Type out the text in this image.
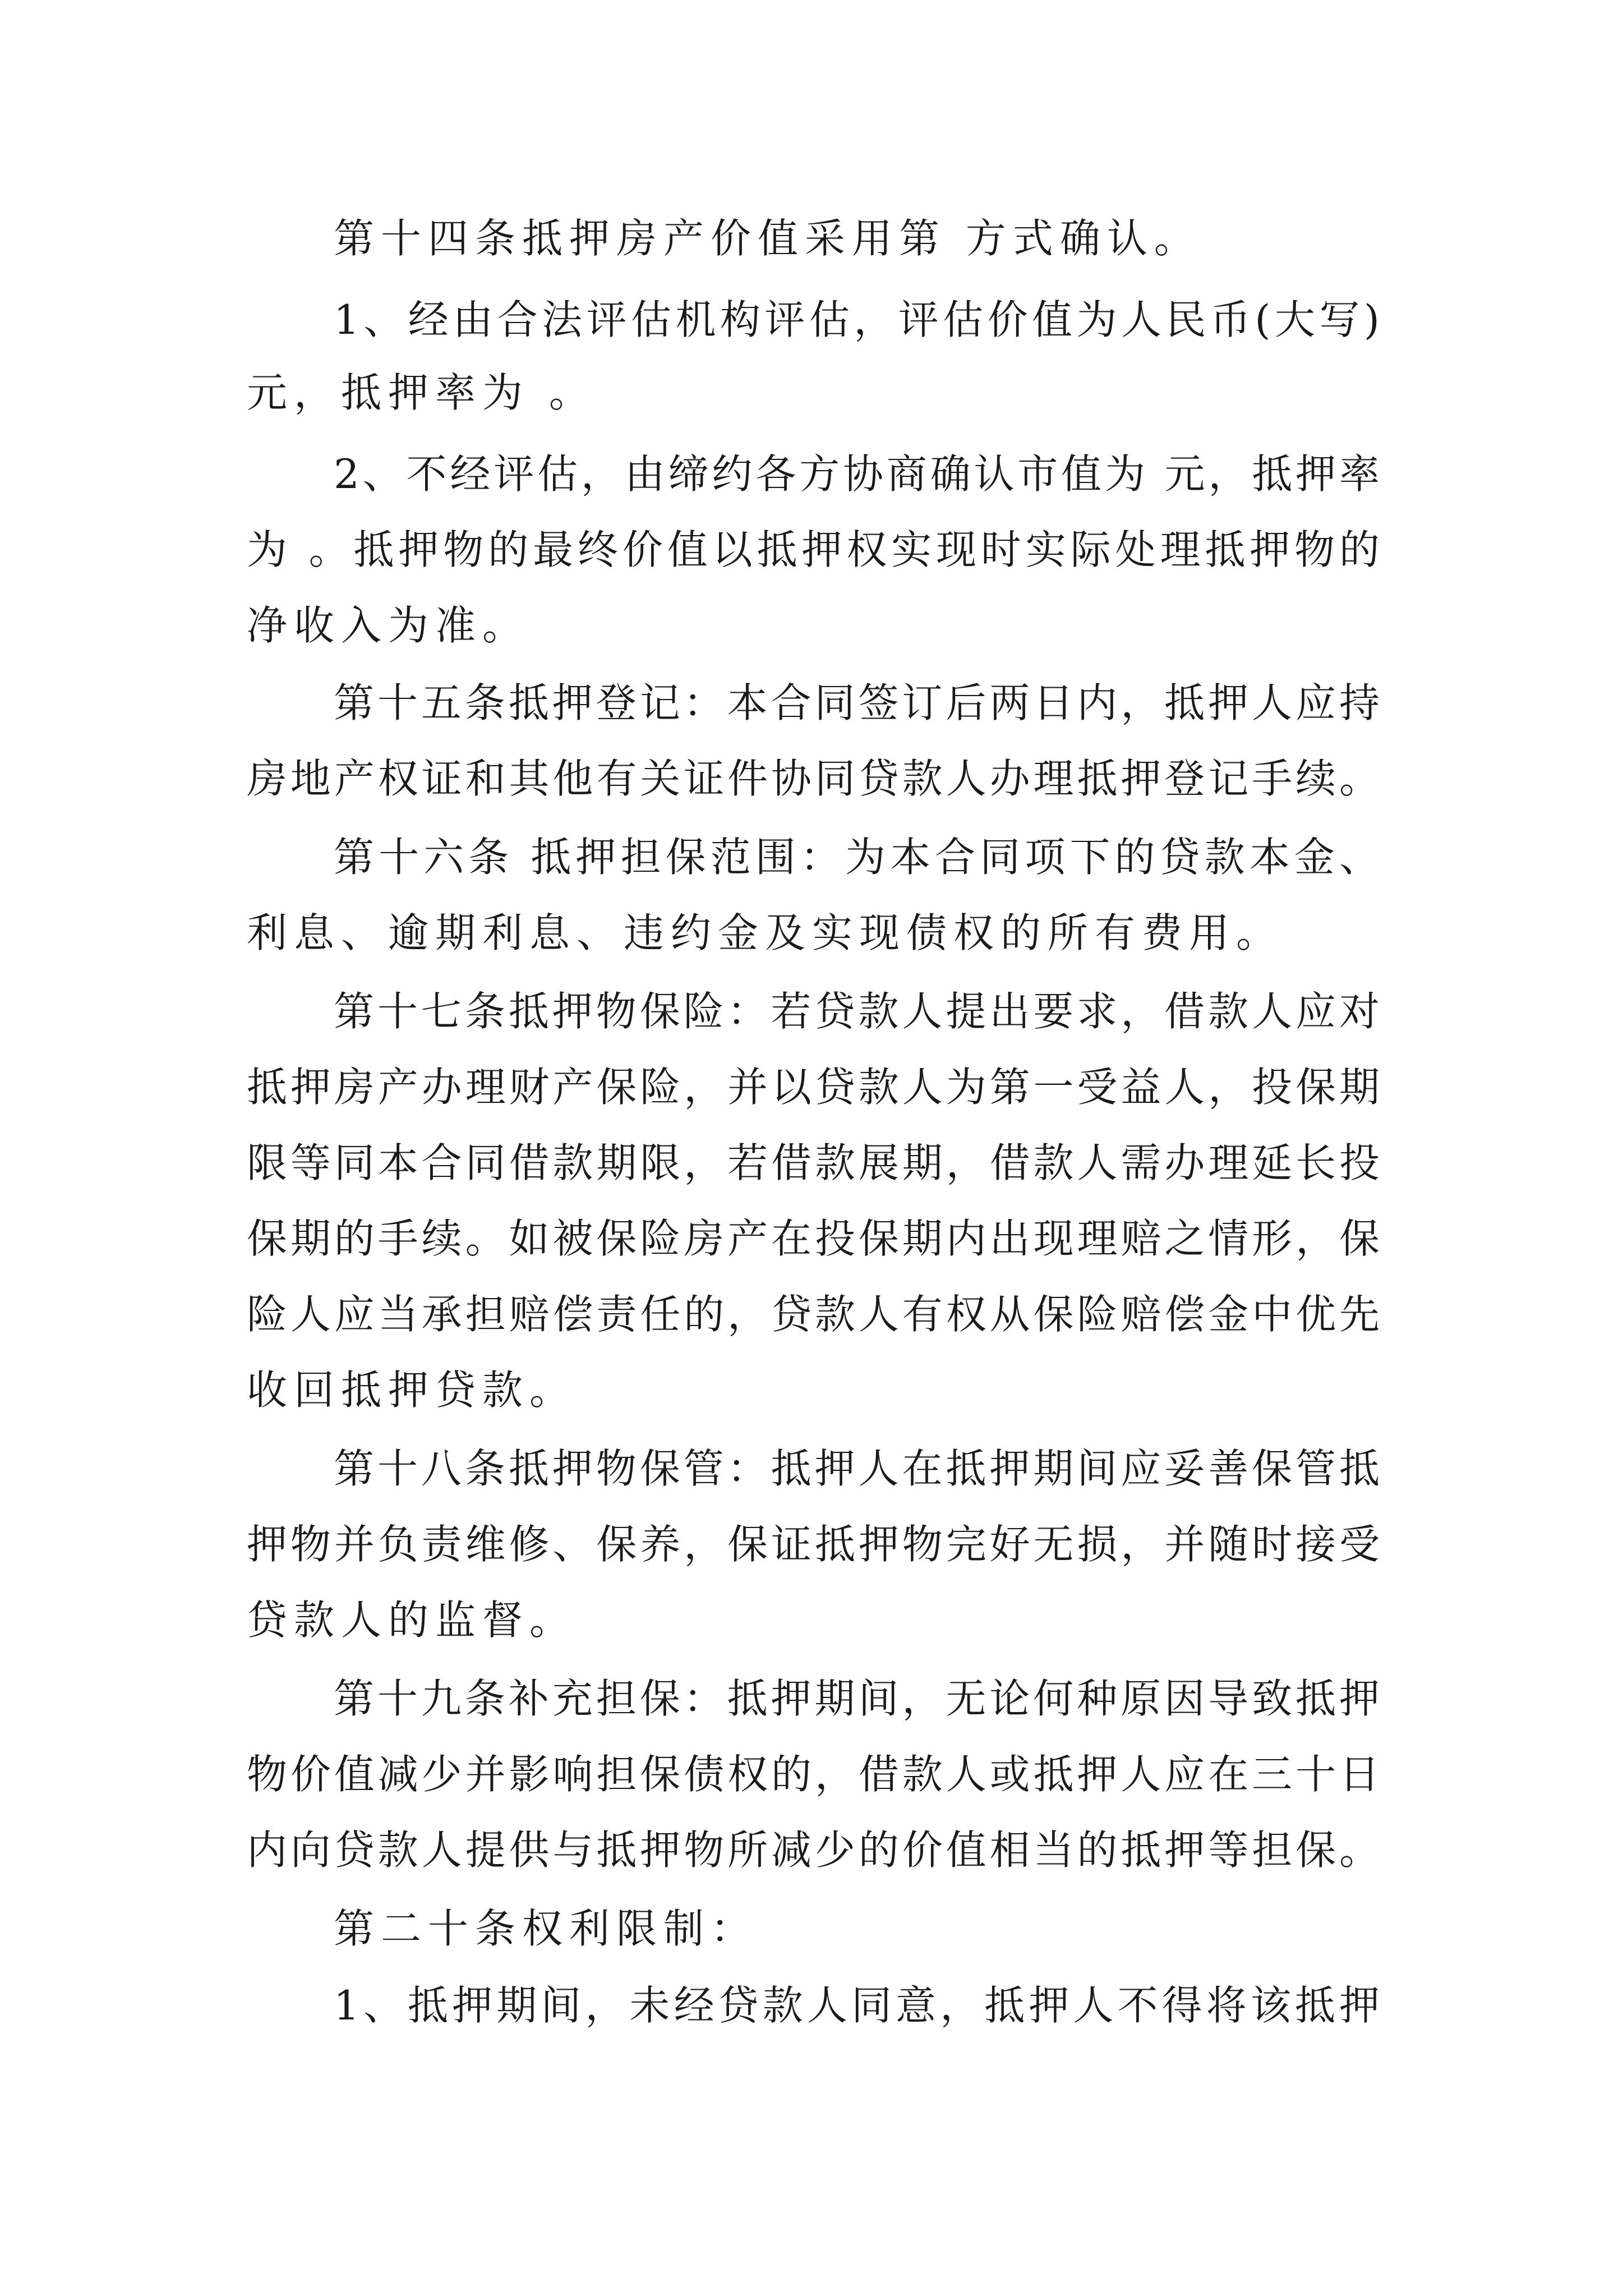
第十四条抵押房产价值采用第 方式确认。

1、经由合法评估机构评估，评估价值为人民币(大写)

元，抵押率为 。

2、不经评估，由缔约各方协商确认市值为 元，抵押率

为 。抵押物的最终价值以抵押权实现时实际处理抵押物的

净收入为准。

第十五条抵押登记：本合同签订后两日内，抵押人应持

房地产权证和其他有关证件协同贷款人办理抵押登记手续。

第十六条 抵押担保范围：为本合同项下的贷款本金、

利息、逾期利息、违约金及实现债权的所有费用。

第十七条抵押物保险：若贷款人提出要求，借款人应对

抵押房产办理财产保险，并以贷款人为第一受益人，投保期

限等同本合同借款期限，若借款展期，借款人需办理延长投

保期的手续。如被保险房产在投保期内出现理赔之情形，保

险人应当承担赔偿责任的，贷款人有权从保险赔偿金中优先

收回抵押贷款。

第十八条抵押物保管：抵押人在抵押期间应妥善保管抵

押物并负责维修、保养，保证抵押物完好无损，并随时接受

贷款人的监督。

第十九条补充担保：抵押期间，无论何种原因导致抵押

物价值减少并影响担保债权的，借款人或抵押人应在三十日

内向贷款人提供与抵押物所减少的价值相当的抵押等担保。

第二十条权利限制：

1、抵押期间，未经贷款人同意，抵押人不得将该抵押
